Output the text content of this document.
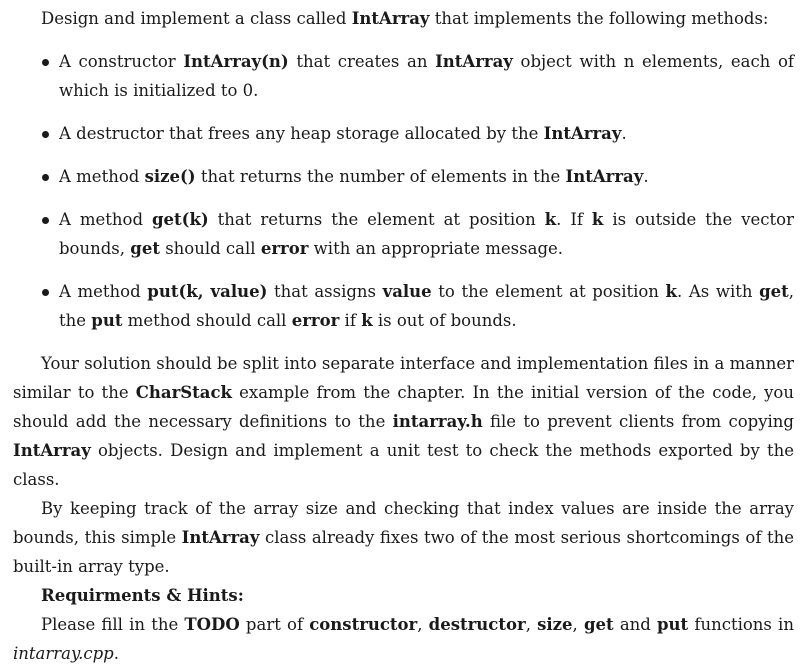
Design and implement a class called IntArray that implements the following methods:

A constructor IntArray(n) that creates an IntArray object with n elements, each of which is initialized to 0.
A destructor that frees any heap storage allocated by the IntArray.
A method size() that returns the number of elements in the IntArray.
A method get(k) that returns the element at position k. If k is outside the vector bounds, get should call error with an appropriate message.
A method put(k, value) that assigns value to the element at position k. As with get, the put method should call error if k is out of bounds.

Your solution should be split into separate interface and implementation files in a manner similar to the CharStack example from the chapter. In the initial version of the code, you should add the necessary definitions to the intarray.h file to prevent clients from copying IntArray objects. Design and implement a unit test to check the methods exported by the class.

By keeping track of the array size and checking that index values are inside the array bounds, this simple IntArray class already fixes two of the most serious shortcomings of the built-in array type.

Requirments & Hints:

Please fill in the TODO part of constructor, destructor, size, get and put functions in intarray.cpp.
